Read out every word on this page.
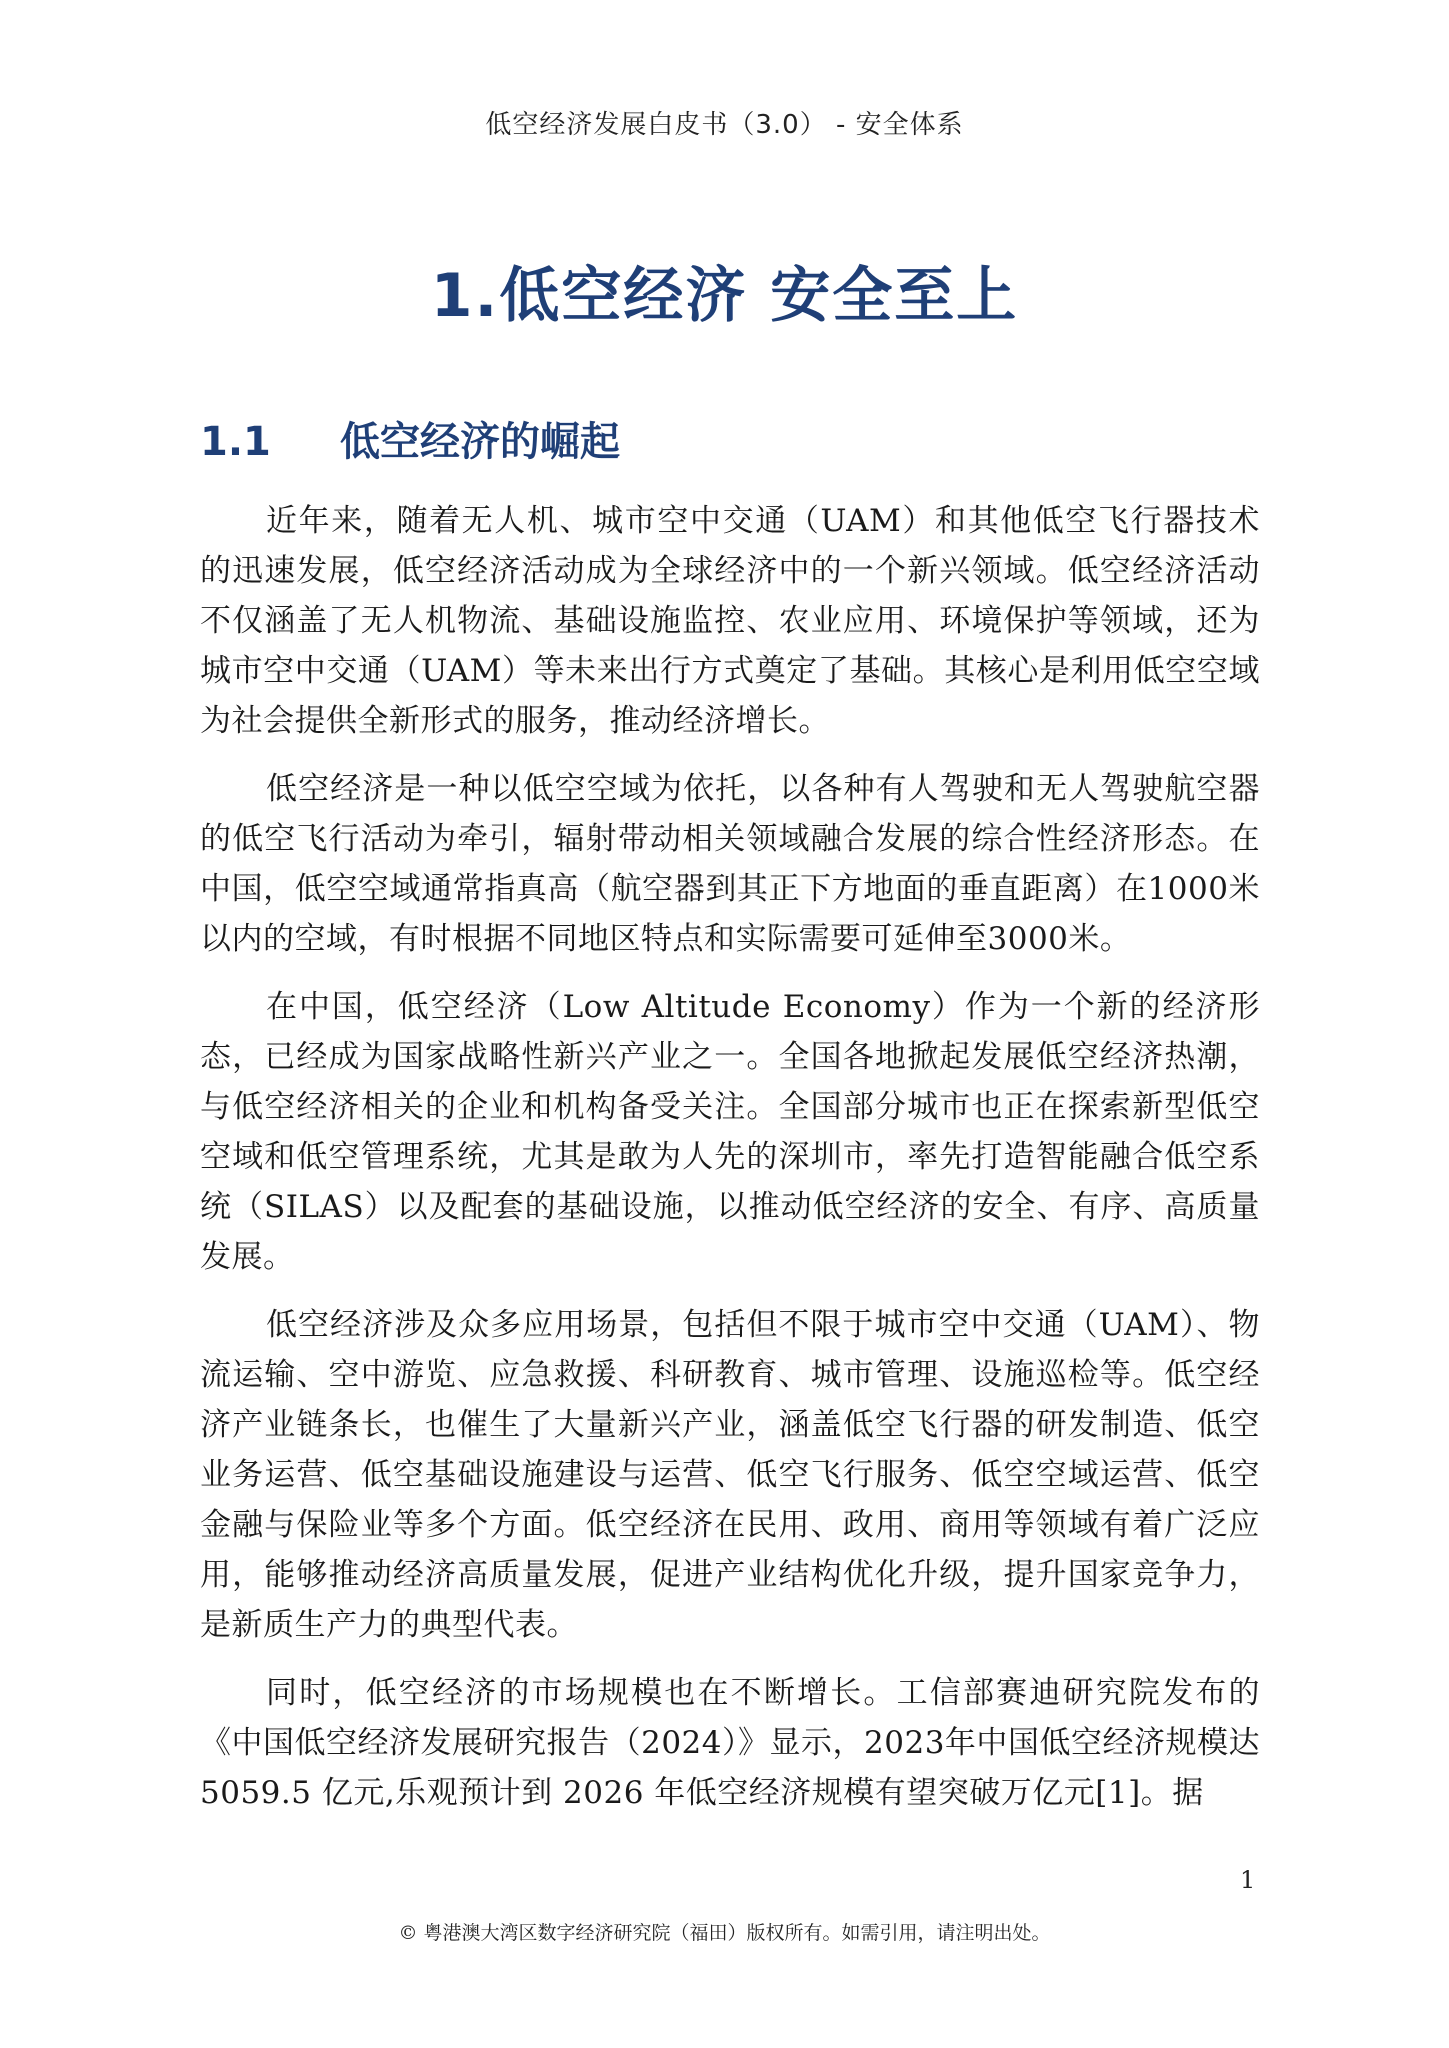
低空经济发展白皮书（3.0） - 安全体系
1.低空经济 安全至上
1.1	低空经济的崛起

近年来，随着无人机、城市空中交通（UAM）和其他低空飞行器技术的迅速发展，低空经济活动成为全球经济中的一个新兴领域。低空经济活动不仅涵盖了无人机物流、基础设施监控、农业应用、环境保护等领域，还为城市空中交通（UAM）等未来出行方式奠定了基础。其核心是利用低空空域为社会提供全新形式的服务，推动经济增长。

低空经济是一种以低空空域为依托，以各种有人驾驶和无人驾驶航空器的低空飞行活动为牵引，辐射带动相关领域融合发展的综合性经济形态。在中国，低空空域通常指真高（航空器到其正下方地面的垂直距离）在1000米以内的空域，有时根据不同地区特点和实际需要可延伸至3000米。

在中国，低空经济（Low Altitude Economy）作为一个新的经济形态，已经成为国家战略性新兴产业之一。全国各地掀起发展低空经济热潮，与低空经济相关的企业和机构备受关注。全国部分城市也正在探索新型低空空域和低空管理系统，尤其是敢为人先的深圳市，率先打造智能融合低空系统（SILAS）以及配套的基础设施，以推动低空经济的安全、有序、高质量发展。

低空经济涉及众多应用场景，包括但不限于城市空中交通（UAM）、物流运输、空中游览、应急救援、科研教育、城市管理、设施巡检等。低空经济产业链条长，也催生了大量新兴产业，涵盖低空飞行器的研发制造、低空业务运营、低空基础设施建设与运营、低空飞行服务、低空空域运营、低空金融与保险业等多个方面。低空经济在民用、政用、商用等领域有着广泛应用，能够推动经济高质量发展，促进产业结构优化升级，提升国家竞争力，是新质生产力的典型代表。

同时，低空经济的市场规模也在不断增长。工信部赛迪研究院发布的《中国低空经济发展研究报告（2024）》显示，2023年中国低空经济规模达 5059.5 亿元,乐观预计到 2026 年低空经济规模有望突破万亿元[1]。据

1
© 粤港澳大湾区数字经济研究院（福田）版权所有。如需引用，请注明出处。
